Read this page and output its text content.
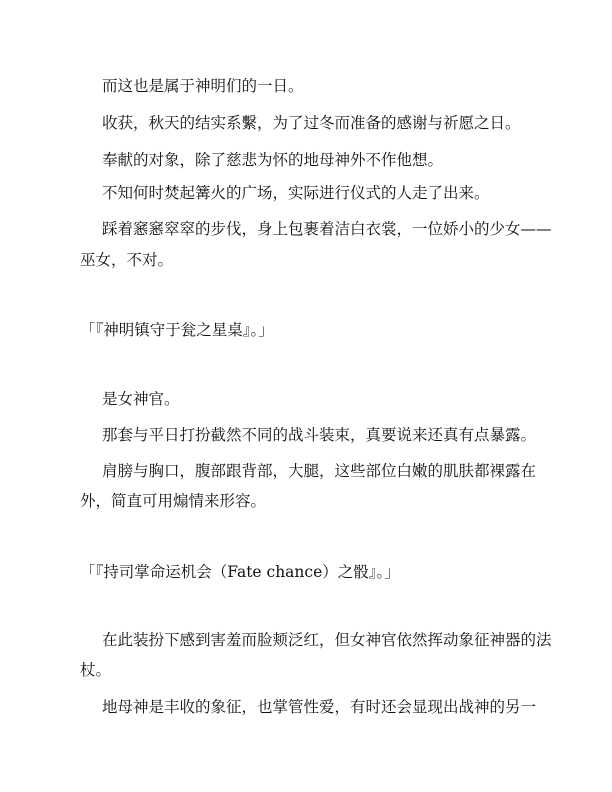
而这也是属于神明们的一日。
收获，秋天的结实系繫，为了过冬而准备的感谢与祈愿之日。
奉献的对象，除了慈悲为怀的地母神外不作他想。
不知何时焚起篝火的广场，实际进行仪式的人走了出来。
踩着窸窸窣窣的步伐，身上包裹着洁白衣裳，一位娇小的少女——
巫女，不对。
「『神明镇守于瓮之星桌』。」
是女神官。
那套与平日打扮截然不同的战斗装束，真要说来还真有点暴露。
肩膀与胸口，腹部跟背部，大腿，这些部位白嫩的肌肤都裸露在
外，简直可用煽情来形容。
「『持司掌命运机会（Fate chance）之骰』。」
在此装扮下感到害羞而脸颊泛红，但女神官依然挥动象征神器的法
杖。
地母神是丰收的象征，也掌管性爱，有时还会显现出战神的另一
